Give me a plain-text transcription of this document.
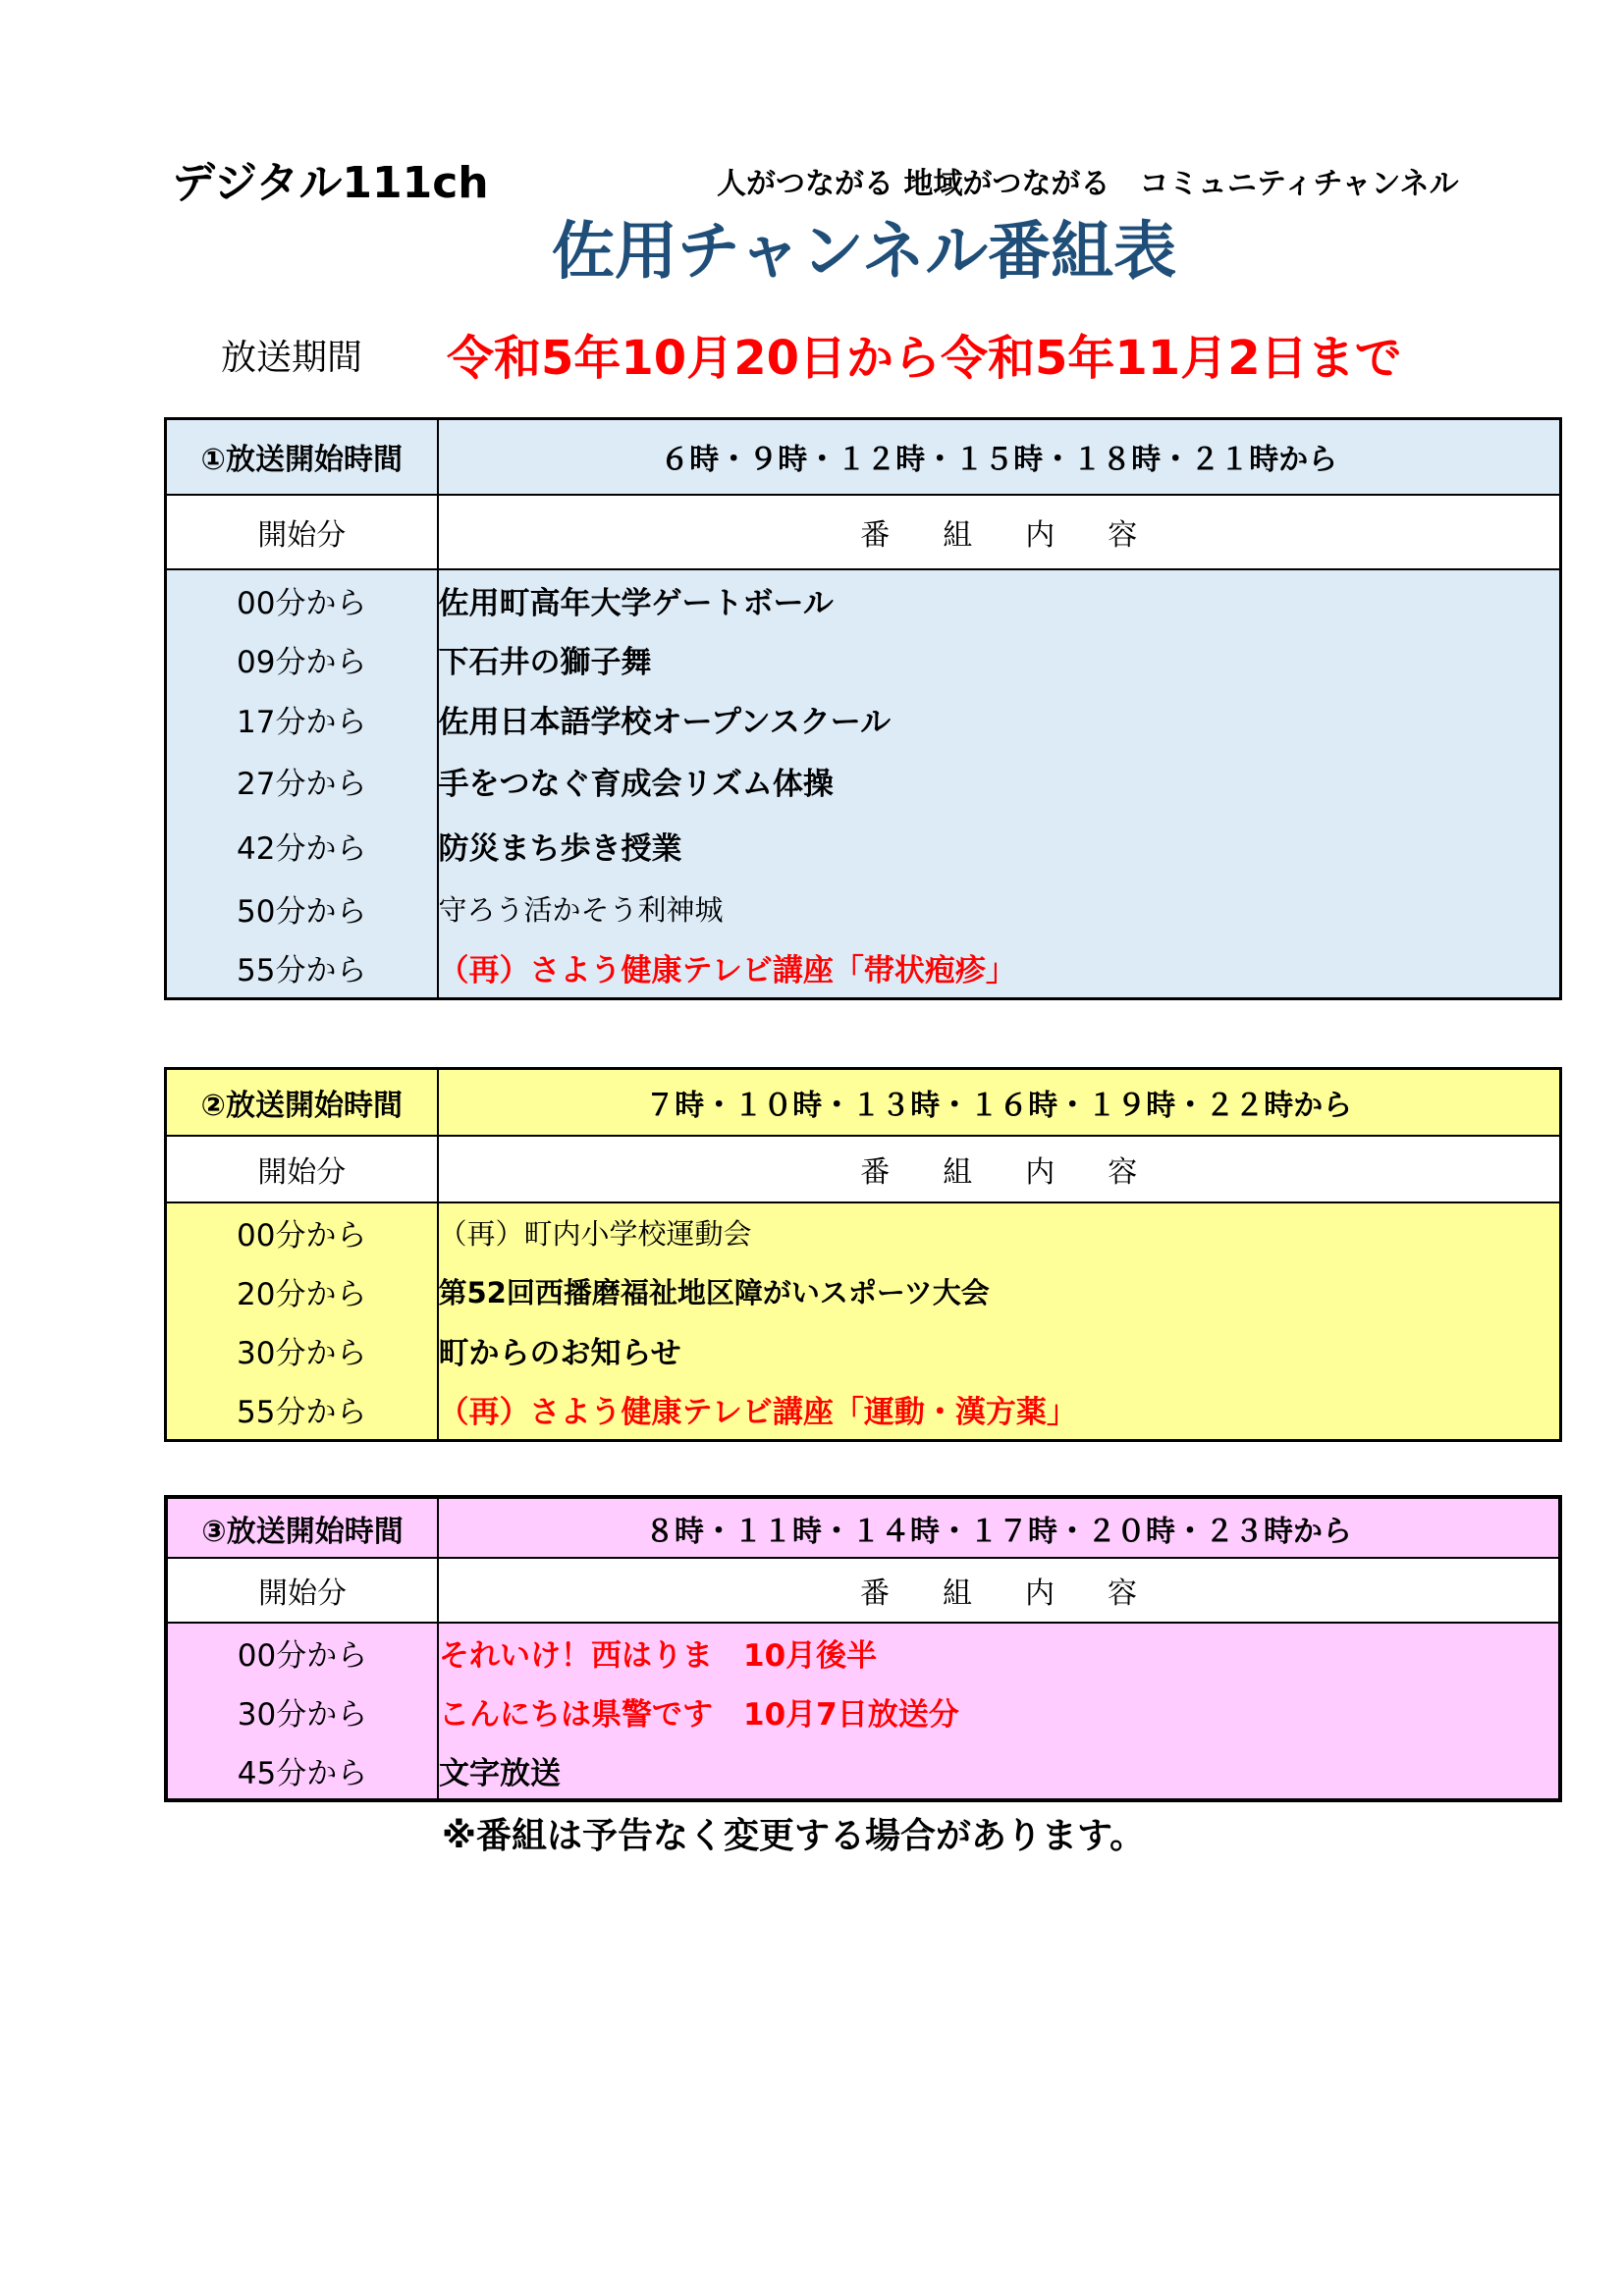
デジタル111ch	人がつながる 地域がつながる　コミュニティチャンネル
佐用チャンネル番組表
放送期間 令和5年10月20日から令和5年11月2日まで
①放送開始時間	６時・９時・１２時・１５時・１８時・２１時から
開始分	番組内容
00分から	佐用町高年大学ゲートボール
09分から	下石井の獅子舞
17分から	佐用日本語学校オープンスクール
27分から	手をつなぐ育成会リズム体操
42分から	防災まち歩き授業
50分から	守ろう活かそう利神城
55分から	（再）さよう健康テレビ講座「帯状疱疹」
②放送開始時間	７時・１０時・１３時・１６時・１９時・２２時から
開始分	番組内容
00分から	（再）町内小学校運動会
20分から	第52回西播磨福祉地区障がいスポーツ大会
30分から	町からのお知らせ
55分から	（再）さよう健康テレビ講座「運動・漢方薬」
③放送開始時間	８時・１１時・１４時・１７時・２０時・２３時から
開始分	番組内容
00分から	それいけ！西はりま　10月後半
30分から	こんにちは県警です　10月7日放送分
45分から	文字放送
※番組は予告なく変更する場合があります。
